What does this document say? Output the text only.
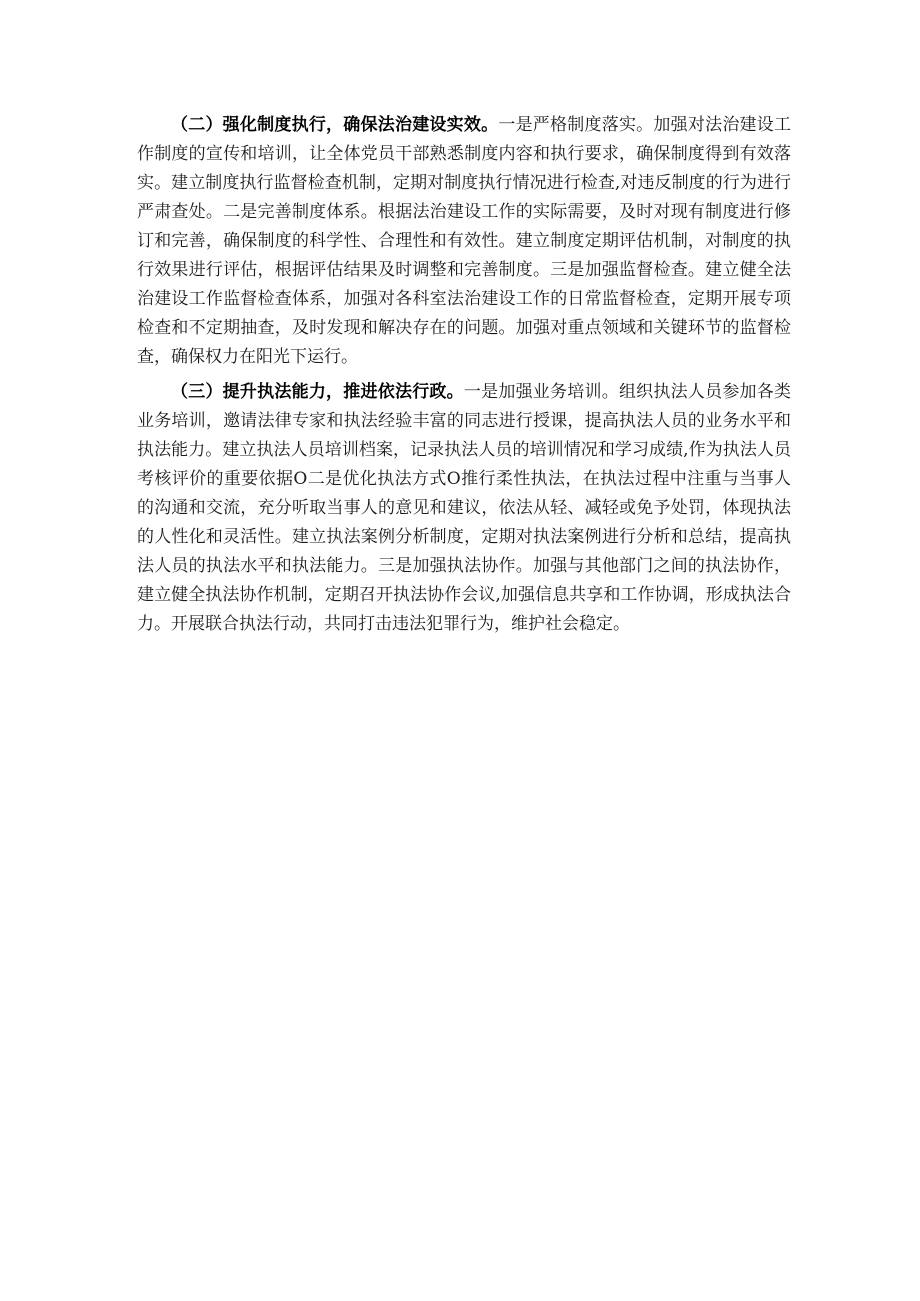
（二）强化制度执行，确保法治建设实效。一是严格制度落实。加强对法治建设工作制度的宣传和培训，让全体党员干部熟悉制度内容和执行要求，确保制度得到有效落实。建立制度执行监督检查机制，定期对制度执行情况进行检查,对违反制度的行为进行严肃查处。二是完善制度体系。根据法治建设工作的实际需要，及时对现有制度进行修订和完善，确保制度的科学性、合理性和有效性。建立制度定期评估机制，对制度的执行效果进行评估，根据评估结果及时调整和完善制度。三是加强监督检查。建立健全法治建设工作监督检查体系，加强对各科室法治建设工作的日常监督检查，定期开展专项检查和不定期抽查，及时发现和解决存在的问题。加强对重点领域和关键环节的监督检查，确保权力在阳光下运行。

（三）提升执法能力，推进依法行政。一是加强业务培训。组织执法人员参加各类业务培训，邀请法律专家和执法经验丰富的同志进行授课，提高执法人员的业务水平和执法能力。建立执法人员培训档案，记录执法人员的培训情况和学习成绩,作为执法人员考核评价的重要依据O二是优化执法方式O推行柔性执法，在执法过程中注重与当事人的沟通和交流，充分听取当事人的意见和建议，依法从轻、减轻或免予处罚，体现执法的人性化和灵活性。建立执法案例分析制度，定期对执法案例进行分析和总结，提高执法人员的执法水平和执法能力。三是加强执法协作。加强与其他部门之间的执法协作，建立健全执法协作机制，定期召开执法协作会议,加强信息共享和工作协调，形成执法合力。开展联合执法行动，共同打击违法犯罪行为，维护社会稳定。
